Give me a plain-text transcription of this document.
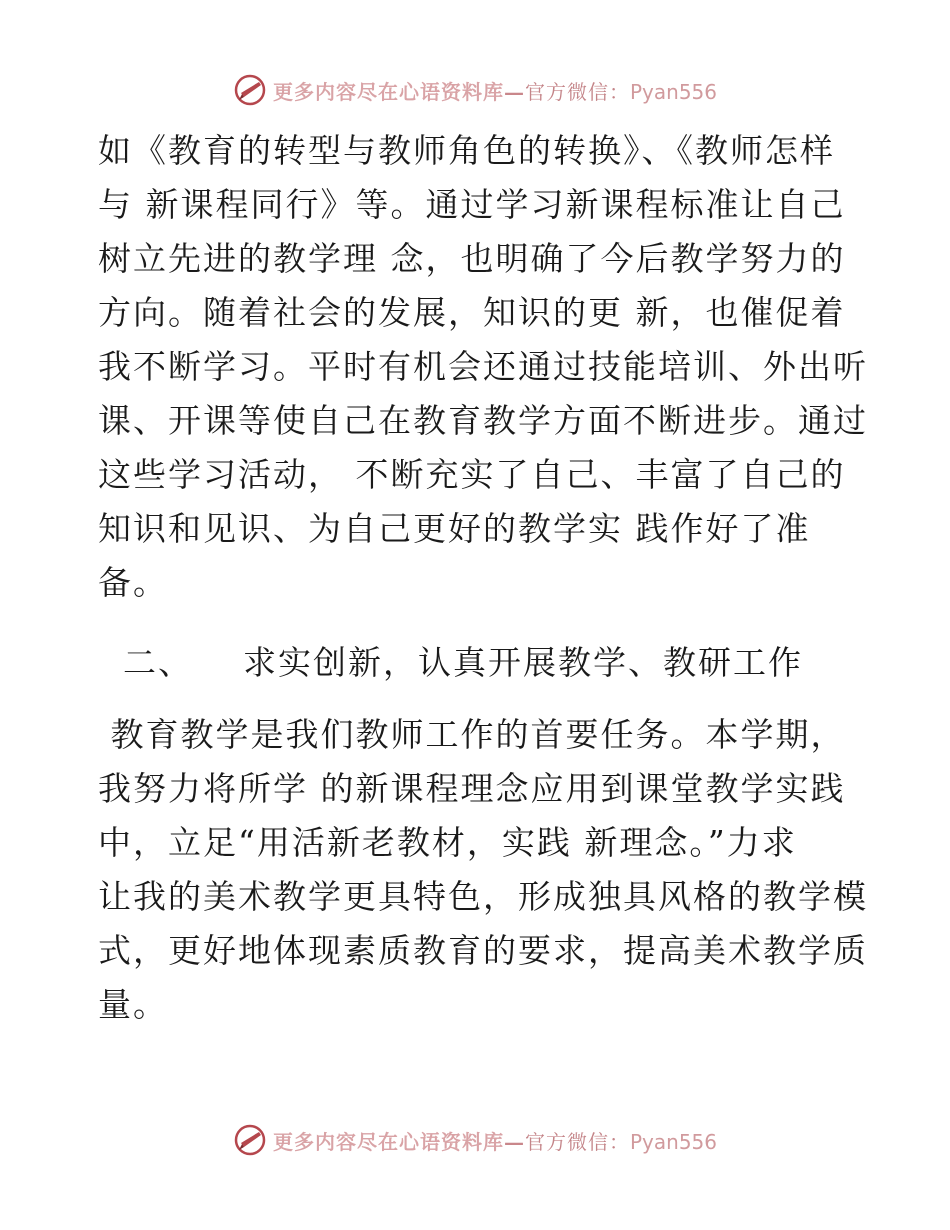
更多内容尽在心语资料库—官方微信：Pyan556
如《教育的转型与教师角色的转换》、《教师怎样
与 新课程同行》等。通过学习新课程标准让自己
树立先进的教学理 念，也明确了今后教学努力的
方向。随着社会的发展，知识的更 新，也催促着
我不断学习。平时有机会还通过技能培训、外出听
课、开课等使自己在教育教学方面不断进步。通过
这些学习活动， 不断充实了自己、丰富了自己的
知识和见识、为自己更好的教学实 践作好了准
备。
二、    求实创新，认真开展教学、教研工作
教育教学是我们教师工作的首要任务。本学期，
我努力将所学 的新课程理念应用到课堂教学实践
中，立足“用活新老教材，实践 新理念。”力求
让我的美术教学更具特色，形成独具风格的教学模
式，更好地体现素质教育的要求，提高美术教学质
量。
更多内容尽在心语资料库—官方微信：Pyan556
